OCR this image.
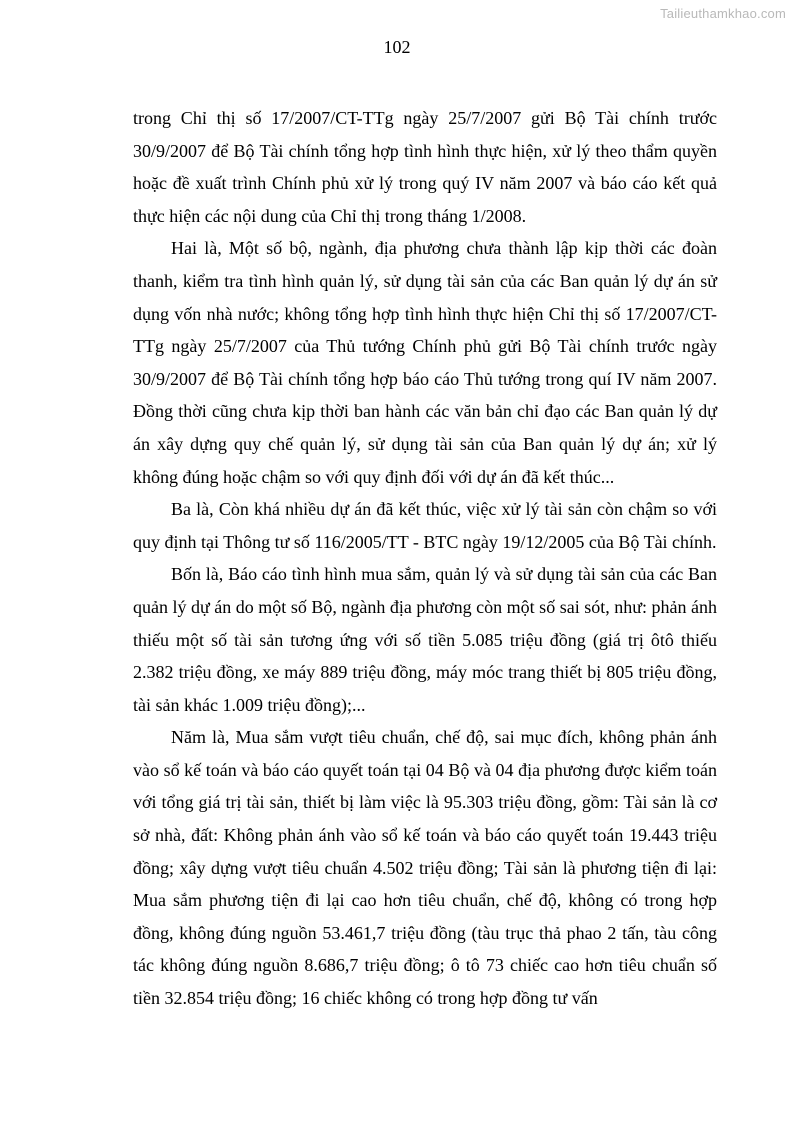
Tailieuthamkhao.com
102

trong Chỉ thị số 17/2007/CT-TTg ngày 25/7/2007 gửi Bộ Tài chính trước 30/9/2007 để Bộ Tài chính tổng hợp tình hình thực hiện, xử lý theo thẩm quyền hoặc đề xuất trình Chính phủ xử lý trong quý IV năm 2007 và báo cáo kết quả thực hiện các nội dung của Chỉ thị trong tháng 1/2008.

Hai là, Một số bộ, ngành, địa phương chưa thành lập kịp thời các đoàn thanh, kiểm tra tình hình quản lý, sử dụng tài sản của các Ban quản lý dự án sử dụng vốn nhà nước; không tổng hợp tình hình thực hiện Chỉ thị số 17/2007/CT-TTg ngày 25/7/2007 của Thủ tướng Chính phủ gửi Bộ Tài chính trước ngày 30/9/2007 để Bộ Tài chính tổng hợp báo cáo Thủ tướng trong quí IV năm 2007. Đồng thời cũng chưa kịp thời ban hành các văn bản chỉ đạo các Ban quản lý dự án xây dựng quy chế quản lý, sử dụng tài sản của Ban quản lý dự án; xử lý không đúng hoặc chậm so với quy định đối với dự án đã kết thúc...

Ba là, Còn khá nhiều dự án đã kết thúc, việc xử lý tài sản còn chậm so với quy định tại Thông tư số 116/2005/TT - BTC ngày 19/12/2005 của Bộ Tài chính.

Bốn là, Báo cáo tình hình mua sắm, quản lý và sử dụng tài sản của các Ban quản lý dự án do một số Bộ, ngành địa phương còn một số sai sót, như: phản ánh thiếu một số tài sản tương ứng với số tiền 5.085 triệu đồng (giá trị ôtô thiếu 2.382 triệu đồng, xe máy 889 triệu đồng, máy móc trang thiết bị 805 triệu đồng, tài sản khác 1.009 triệu đồng);...

Năm là, Mua sắm vượt tiêu chuẩn, chế độ, sai mục đích, không phản ánh vào sổ kế toán và báo cáo quyết toán tại 04 Bộ và 04 địa phương được kiểm toán với tổng giá trị tài sản, thiết bị làm việc là 95.303 triệu đồng, gồm: Tài sản là cơ sở nhà, đất: Không phản ánh vào sổ kế toán và báo cáo quyết toán 19.443 triệu đồng; xây dựng vượt tiêu chuẩn 4.502 triệu đồng; Tài sản là phương tiện đi lại: Mua sắm phương tiện đi lại cao hơn tiêu chuẩn, chế độ, không có trong hợp đồng, không đúng nguồn 53.461,7 triệu đồng (tàu trục thả phao 2 tấn, tàu công tác không đúng nguồn 8.686,7 triệu đồng; ô tô 73 chiếc cao hơn tiêu chuẩn số tiền 32.854 triệu đồng; 16 chiếc không có trong hợp đồng tư vấn
